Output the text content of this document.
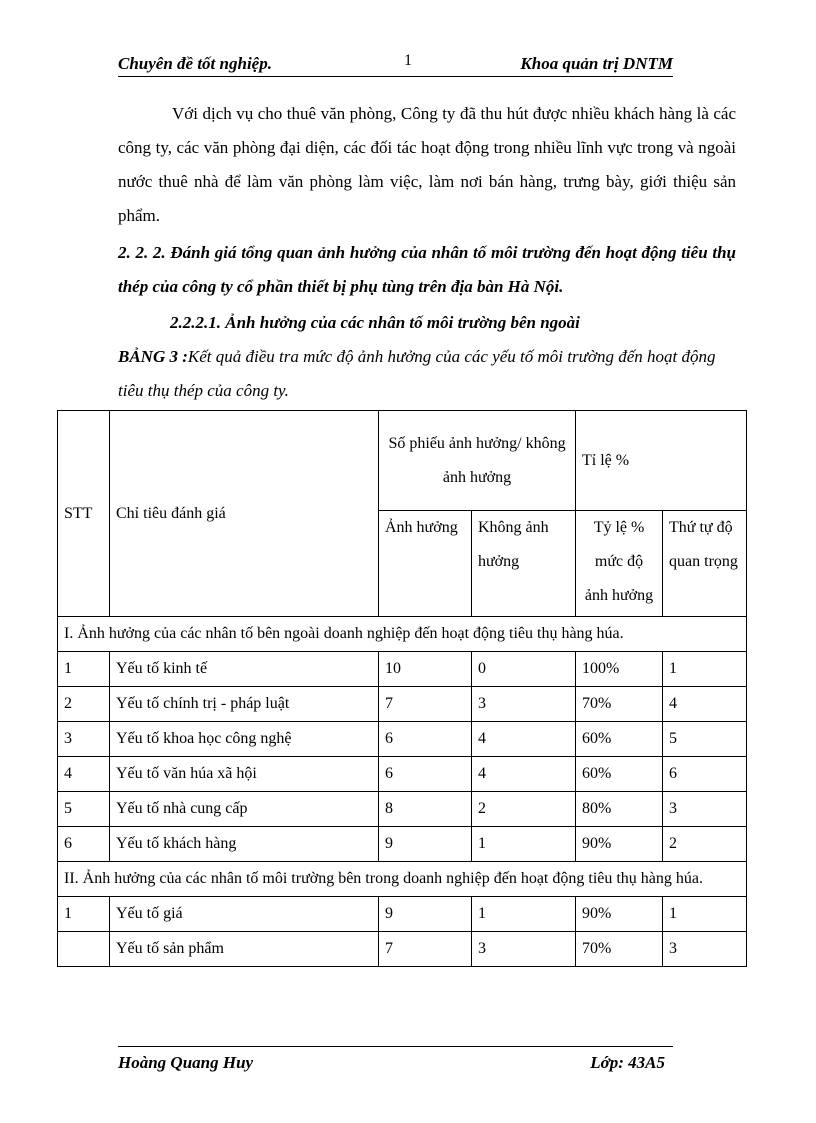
Chuyên đề tốt nghiệp.	1	Khoa quản trị DNTM
Với dịch vụ cho thuê văn phòng, Công ty đã thu hút được nhiều khách hàng là các công ty, các văn phòng đại diện, các đối tác hoạt động trong nhiều lĩnh vực trong và ngoài nước thuê nhà để làm văn phòng làm việc, làm nơi bán hàng, trưng bày, giới thiệu sản phẩm.
2. 2. 2. Đánh giá tổng quan ảnh hưởng của nhân tố môi trường đến hoạt động tiêu thụ thép của công ty cổ phần thiết bị phụ tùng trên địa bàn Hà Nội.
2.2.2.1. Ảnh hưởng của các nhân tố môi trường bên ngoài
BẢNG 3 :Kết quả điều tra mức độ ảnh hưởng của các yếu tố môi trường đến hoạt động tiêu thụ thép của công ty.
STT	Chỉ tiêu đánh giá	Số phiếu ảnh hưởng/ không ảnh hưởng		Tỉ lệ %	
		Ảnh hưởng	Không ảnh hưởng	Tỷ lệ % mức độ ảnh hưởng	Thứ tự độ quan trọng
I. Ảnh hưởng của các nhân tố bên ngoài doanh nghiệp đến hoạt động tiêu thụ hàng húa.					
1	Yếu tố kinh tế	10	0	100%	1
2	Yếu tố chính trị - pháp luật	7	3	70%	4
3	Yếu tố khoa học công nghệ	6	4	60%	5
4	Yếu tố văn húa xã hội	6	4	60%	6
5	Yếu tố nhà cung cấp	8	2	80%	3
6	Yếu tố khách hàng	9	1	90%	2
II. Ảnh hưởng của các nhân tố môi trường bên trong doanh nghiệp đến hoạt động tiêu thụ hàng húa.					
1	Yếu tố giá	9	1	90%	1
	Yếu tố sản phẩm	7	3	70%	3
Hoàng Quang Huy	Lớp: 43A5
